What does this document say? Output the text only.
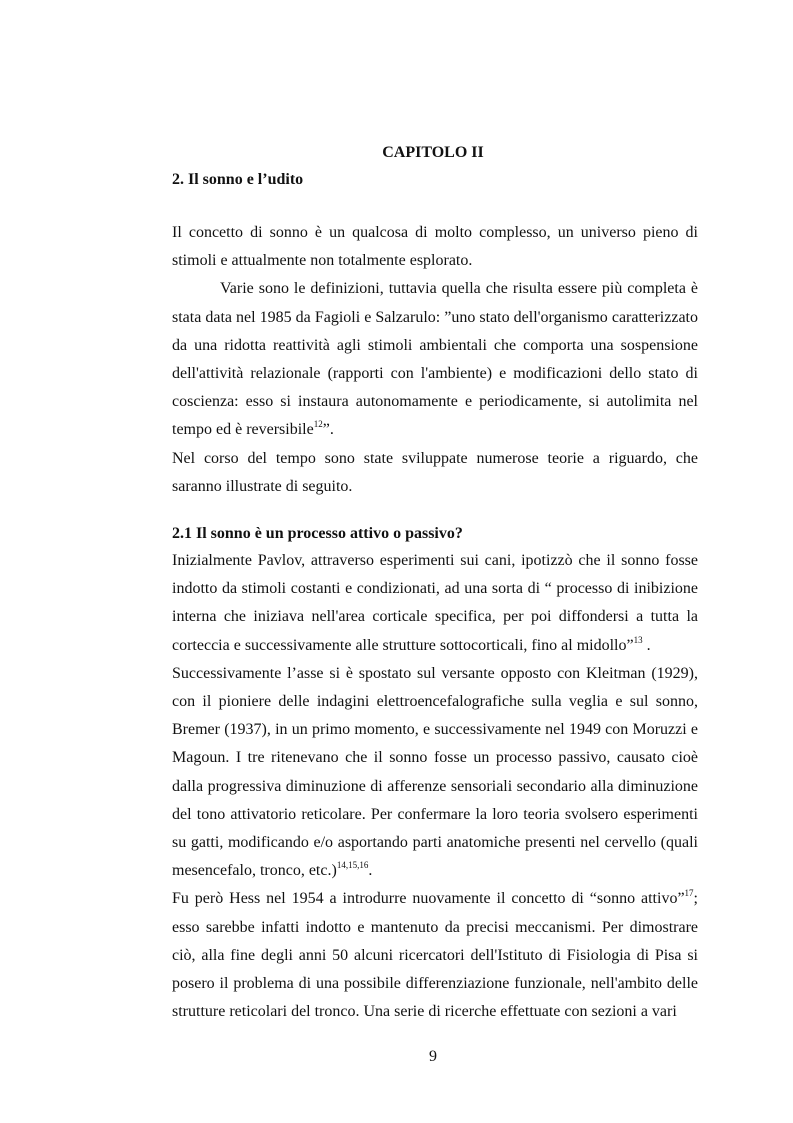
CAPITOLO II
2. Il sonno e l’udito

Il concetto di sonno è un qualcosa di molto complesso, un universo pieno di stimoli e attualmente non totalmente esplorato.

Varie sono le definizioni, tuttavia quella che risulta essere più completa è stata data nel 1985 da Fagioli e Salzarulo: ”uno stato dell'organismo caratterizzato da una ridotta reattività agli stimoli ambientali che comporta una sospensione dell'attività relazionale (rapporti con l'ambiente) e modificazioni dello stato di coscienza: esso si instaura autonomamente e periodicamente, si autolimita nel tempo ed è reversibile$^{12}$”.

Nel corso del tempo sono state sviluppate numerose teorie a riguardo, che saranno illustrate di seguito.

2.1 Il sonno è un processo attivo o passivo?

Inizialmente Pavlov, attraverso esperimenti sui cani, ipotizzò che il sonno fosse indotto da stimoli costanti e condizionati, ad una sorta di “ processo di inibizione interna che iniziava nell'area corticale specifica, per poi diffondersi a tutta la corteccia e successivamente alle strutture sottocorticali, fino al midollo”$^{13}$ .

Successivamente l’asse si è spostato sul versante opposto con Kleitman (1929), con il pioniere delle indagini elettroencefalografiche sulla veglia e sul sonno, Bremer (1937), in un primo momento, e successivamente nel 1949 con Moruzzi e Magoun. I tre ritenevano che il sonno fosse un processo passivo, causato cioè dalla progressiva diminuzione di afferenze sensoriali secondario alla diminuzione del tono attivatorio reticolare. Per confermare la loro teoria svolsero esperimenti su gatti, modificando e/o asportando parti anatomiche presenti nel cervello (quali mesencefalo, tronco, etc.)$^{14,15,16}$.

Fu però Hess nel 1954 a introdurre nuovamente il concetto di “sonno attivo”$^{17}$; esso sarebbe infatti indotto e mantenuto da precisi meccanismi. Per dimostrare ciò, alla fine degli anni 50 alcuni ricercatori dell'Istituto di Fisiologia di Pisa si posero il problema di una possibile differenziazione funzionale, nell'ambito delle strutture reticolari del tronco. Una serie di ricerche effettuate con sezioni a vari

9
